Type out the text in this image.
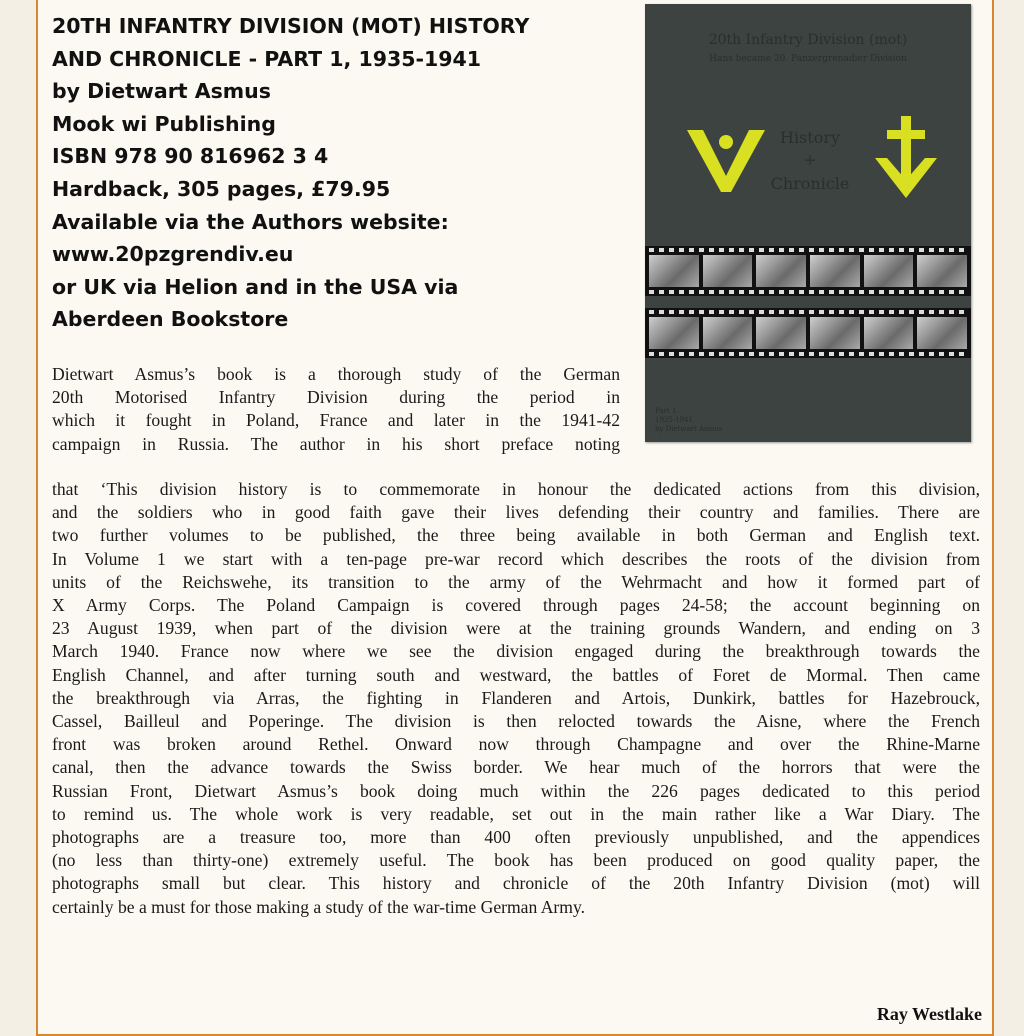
20TH INFANTRY DIVISION (MOT) HISTORY
AND CHRONICLE - PART 1, 1935-1941
by Dietwart Asmus
Mook wi Publishing
ISBN 978 90 816962 3 4
Hardback, 305 pages, £79.95
Available via the Authors website:
www.20pzgrendiv.eu
or UK via Helion and in the USA via
Aberdeen Bookstore
20th Infantry Division (mot)
Hans became 20. Panzergrenadier Division
History
+
Chronicle
Part 1
1935-1941
by Dietwart Asmus
Dietwart Asmus’s book is a thorough study of the German
20th Motorised Infantry Division during the period in
which it fought in Poland, France and later in the 1941-42
campaign in Russia. The author in his short preface noting
that ‘This division history is to commemorate in honour the dedicated actions from this division,
and the soldiers who in good faith gave their lives defending their country and families. There are
two further volumes to be published, the three being available in both German and English text.
In Volume 1 we start with a ten-page pre-war record which describes the roots of the division from
units of the Reichswehe, its transition to the army of the Wehrmacht and how it formed part of
X Army Corps. The Poland Campaign is covered through pages 24-58; the account beginning on
23 August 1939, when part of the division were at the training grounds Wandern, and ending on 3
March 1940. France now where we see the division engaged during the breakthrough towards the
English Channel, and after turning south and westward, the battles of Foret de Mormal. Then came
the breakthrough via Arras, the fighting in Flanderen and Artois, Dunkirk, battles for Hazebrouck,
Cassel, Bailleul and Poperinge. The division is then relocted towards the Aisne, where the French
front was broken around Rethel. Onward now through Champagne and over the Rhine-Marne
canal, then the advance towards the Swiss border. We hear much of the horrors that were the
Russian Front, Dietwart Asmus’s book doing much within the 226 pages dedicated to this period
to remind us. The whole work is very readable, set out in the main rather like a War Diary. The
photographs are a treasure too, more than 400 often previously unpublished, and the appendices
(no less than thirty-one) extremely useful. The book has been produced on good quality paper, the
photographs small but clear. This history and chronicle of the 20th Infantry Division (mot) will
certainly be a must for those making a study of the war-time German Army.
Ray Westlake
